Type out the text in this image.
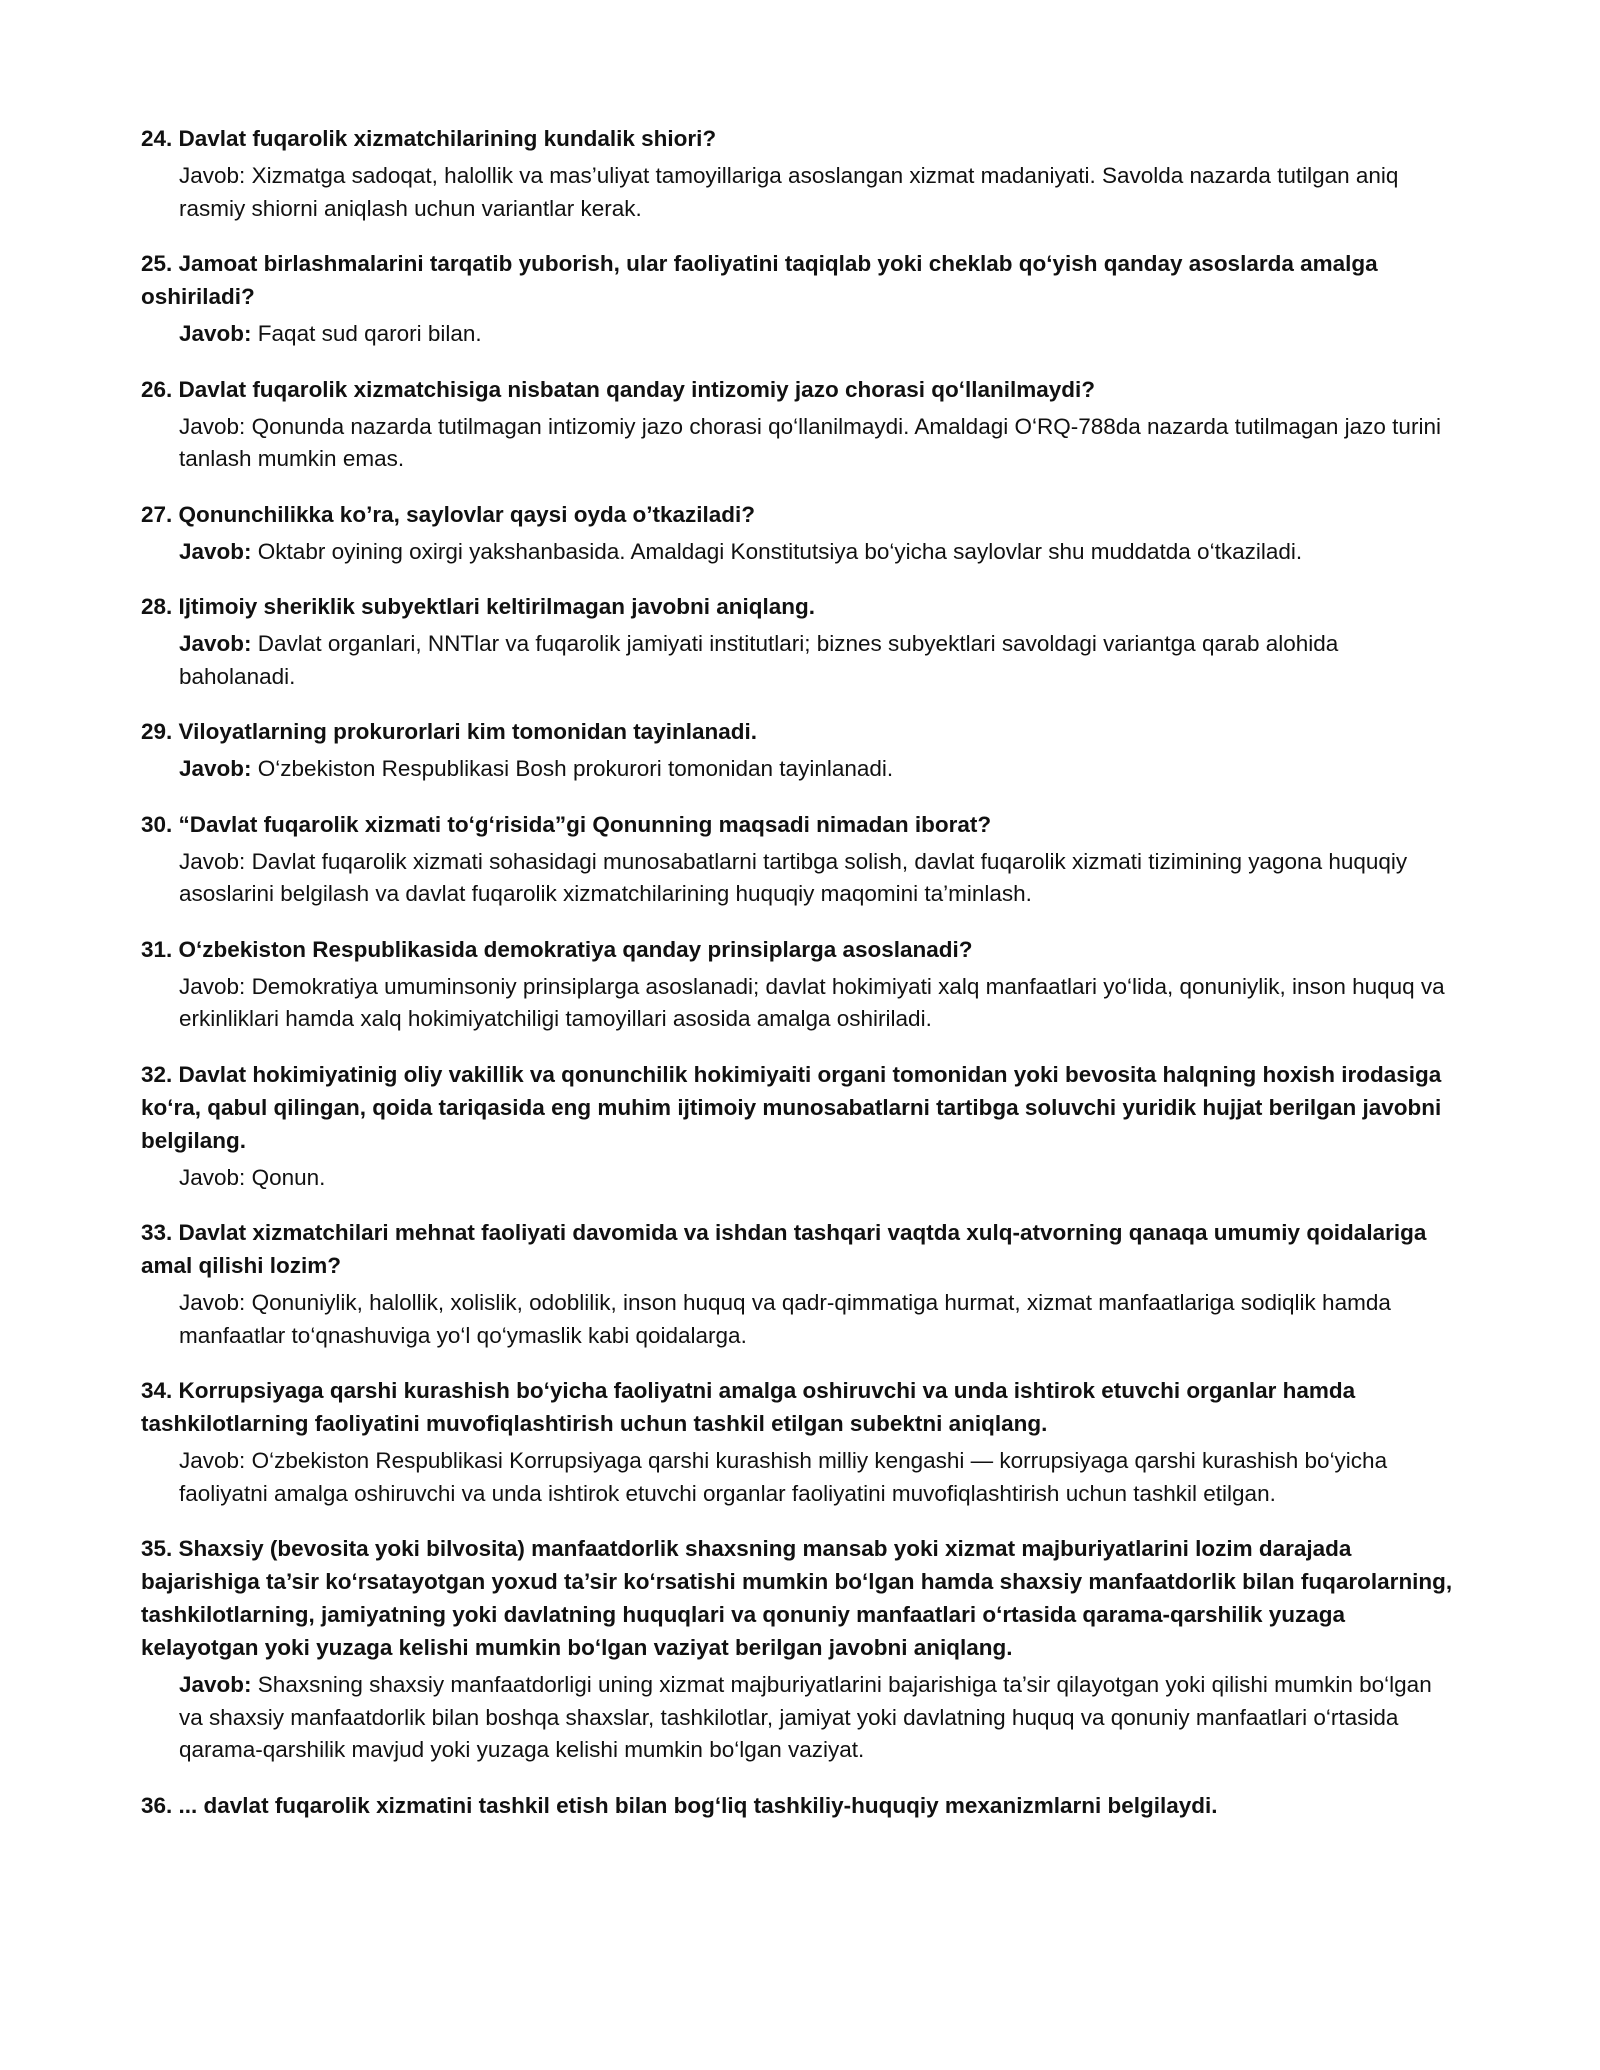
24. Davlat fuqarolik xizmatchilarining kundalik shiori?

Javob: Xizmatga sadoqat, halollik va mas’uliyat tamoyillariga asoslangan xizmat madaniyati. Savolda nazarda tutilgan aniq rasmiy shiorni aniqlash uchun variantlar kerak.

25. Jamoat birlashmalarini tarqatib yuborish, ular faoliyatini taqiqlab yoki cheklab qo‘yish qanday asoslarda amalga oshiriladi?

Javob: Faqat sud qarori bilan.

26. Davlat fuqarolik xizmatchisiga nisbatan qanday intizomiy jazo chorasi qo‘llanilmaydi?

Javob: Qonunda nazarda tutilmagan intizomiy jazo chorasi qo‘llanilmaydi. Amaldagi O‘RQ-788da nazarda tutilmagan jazo turini tanlash mumkin emas.

27. Qonunchilikka ko’ra, saylovlar qaysi oyda o’tkaziladi?

Javob: Oktabr oyining oxirgi yakshanbasida. Amaldagi Konstitutsiya bo‘yicha saylovlar shu muddatda o‘tkaziladi.

28. Ijtimoiy sheriklik subyektlari keltirilmagan javobni aniqlang.

Javob: Davlat organlari, NNTlar va fuqarolik jamiyati institutlari; biznes subyektlari savoldagi variantga qarab alohida baholanadi.

29. Viloyatlarning prokurorlari kim tomonidan tayinlanadi.

Javob: O‘zbekiston Respublikasi Bosh prokurori tomonidan tayinlanadi.

30. “Davlat fuqarolik xizmati to‘g‘risida”gi Qonunning maqsadi nimadan iborat?

Javob: Davlat fuqarolik xizmati sohasidagi munosabatlarni tartibga solish, davlat fuqarolik xizmati tizimining yagona huquqiy asoslarini belgilash va davlat fuqarolik xizmatchilarining huquqiy maqomini ta’minlash.

31. O‘zbekiston Respublikasida demokratiya qanday prinsiplarga asoslanadi?

Javob: Demokratiya umuminsoniy prinsiplarga asoslanadi; davlat hokimiyati xalq manfaatlari yo‘lida, qonuniylik, inson huquq va erkinliklari hamda xalq hokimiyatchiligi tamoyillari asosida amalga oshiriladi.

32. Davlat hokimiyatinig oliy vakillik va qonunchilik hokimiyaiti organi tomonidan yoki bevosita halqning hoxish irodasiga ko‘ra, qabul qilingan, qoida tariqasida eng muhim ijtimoiy munosabatlarni tartibga soluvchi yuridik hujjat berilgan javobni belgilang.

Javob: Qonun.

33. Davlat xizmatchilari mehnat faoliyati davomida va ishdan tashqari vaqtda xulq-atvorning qanaqa umumiy qoidalariga amal qilishi lozim?

Javob: Qonuniylik, halollik, xolislik, odoblilik, inson huquq va qadr-qimmatiga hurmat, xizmat manfaatlariga sodiqlik hamda manfaatlar to‘qnashuviga yo‘l qo‘ymaslik kabi qoidalarga.

34. Korrupsiyaga qarshi kurashish bo‘yicha faoliyatni amalga oshiruvchi va unda ishtirok etuvchi organlar hamda tashkilotlarning faoliyatini muvofiqlashtirish uchun tashkil etilgan subektni aniqlang.

Javob: O‘zbekiston Respublikasi Korrupsiyaga qarshi kurashish milliy kengashi — korrupsiyaga qarshi kurashish bo‘yicha faoliyatni amalga oshiruvchi va unda ishtirok etuvchi organlar faoliyatini muvofiqlashtirish uchun tashkil etilgan.

35. Shaxsiy (bevosita yoki bilvosita) manfaatdorlik shaxsning mansab yoki xizmat majburiyatlarini lozim darajada bajarishiga ta’sir ko‘rsatayotgan yoxud ta’sir ko‘rsatishi mumkin bo‘lgan hamda shaxsiy manfaatdorlik bilan fuqarolarning, tashkilotlarning, jamiyatning yoki davlatning huquqlari va qonuniy manfaatlari o‘rtasida qarama-qarshilik yuzaga kelayotgan yoki yuzaga kelishi mumkin bo‘lgan vaziyat berilgan javobni aniqlang.

Javob: Shaxsning shaxsiy manfaatdorligi uning xizmat majburiyatlarini bajarishiga ta’sir qilayotgan yoki qilishi mumkin bo‘lgan va shaxsiy manfaatdorlik bilan boshqa shaxslar, tashkilotlar, jamiyat yoki davlatning huquq va qonuniy manfaatlari o‘rtasida qarama-qarshilik mavjud yoki yuzaga kelishi mumkin bo‘lgan vaziyat.

36. ... davlat fuqarolik xizmatini tashkil etish bilan bog‘liq tashkiliy-huquqiy mexanizmlarni belgilaydi.
